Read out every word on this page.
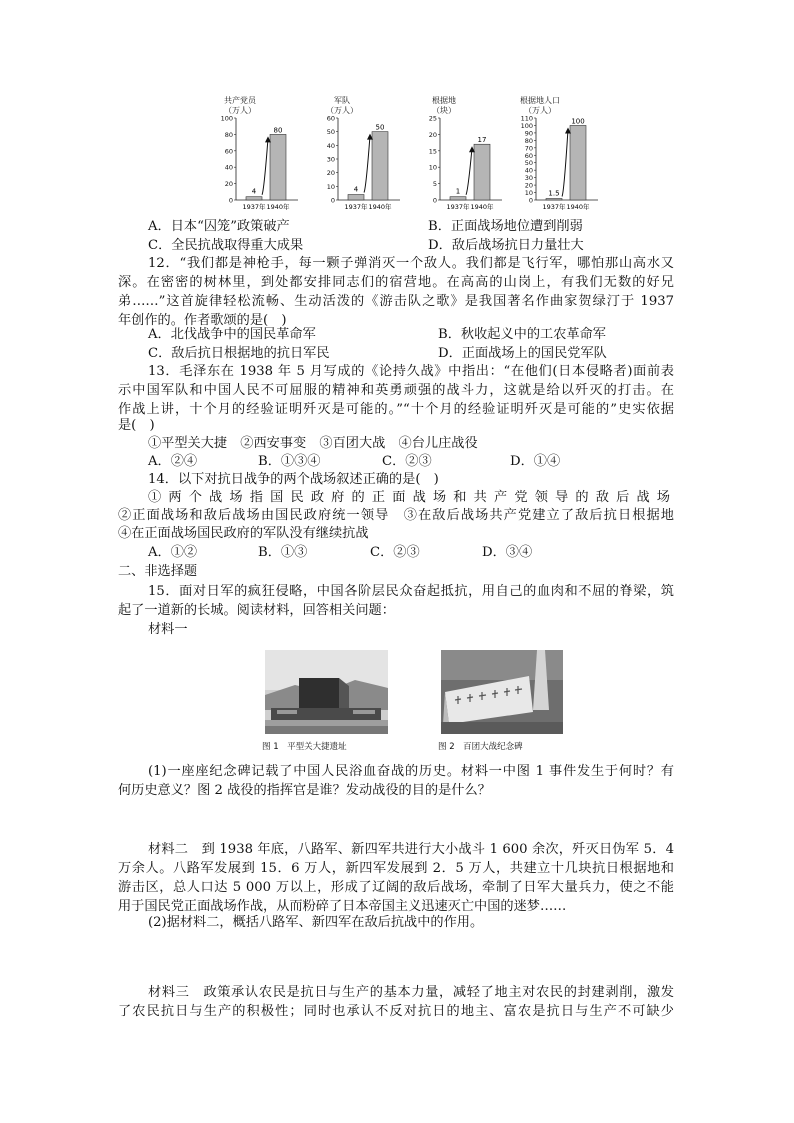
共产党员
（万人）
100
80
60
40
20
0
4
80
1937年 1940年
军队
（万人）
60
50
40
30
20
10
0
4
50
1937年 1940年
根据地
（块）
25
20
15
10
5
0
1
17
1937年 1940年
根据地人口
（万人）
110
100
90
80
70
60
50
40
30
20
10
0
1.5
100
1937年 1940年
A．日本“囚笼”政策破产	B．正面战场地位遭到削弱
C．全民抗战取得重大成果	D．敌后战场抗日力量壮大
12．“我们都是神枪手，每一颗子弹消灭一个敌人。我们都是飞行军，哪怕那山高水又
深。在密密的树林里，到处都安排同志们的宿营地。在高高的山岗上，有我们无数的好兄
弟……”这首旋律轻松流畅、生动活泼的《游击队之歌》是我国著名作曲家贺绿汀于 1937
年创作的。作者歌颂的是(　)
A．北伐战争中的国民革命军	B．秋收起义中的工农革命军
C．敌后抗日根据地的抗日军民	D．正面战场上的国民党军队
13．毛泽东在 1938 年 5 月写成的《论持久战》中指出：“在他们(日本侵略者)面前表
示中国军队和中国人民不可屈服的精神和英勇顽强的战斗力，这就是给以歼灭的打击。在
作战上讲，十个月的经验证明歼灭是可能的。”“十个月的经验证明歼灭是可能的”史实依据
是(　)
①平型关大捷　②西安事变　③百团大战　④台儿庄战役
A．②④	B．①③④	C．②③	D．①④
14．以下对抗日战争的两个战场叙述正确的是(　)
①两个战场指国民政府的正面战场和共产党领导的敌后战场
②正面战场和敌后战场由国民政府统一领导　③在敌后战场共产党建立了敌后抗日根据地
④在正面战场国民政府的军队没有继续抗战
A．①②	B．①③	C．②③	D．③④
二、非选择题
15．面对日军的疯狂侵略，中国各阶层民众奋起抵抗，用自己的血肉和不屈的脊梁，筑
起了一道新的长城。阅读材料，回答相关问题：
材料一
图 1　平型关大捷遗址	图 2　百团大战纪念碑
(1)一座座纪念碑记载了中国人民浴血奋战的历史。材料一中图 1 事件发生于何时？有
何历史意义？图 2 战役的指挥官是谁？发动战役的目的是什么？
材料二　到 1938 年底，八路军、新四军共进行大小战斗 1 600 余次，歼灭日伪军 5．4
万余人。八路军发展到 15．6 万人，新四军发展到 2．5 万人，共建立十几块抗日根据地和
游击区，总人口达 5 000 万以上，形成了辽阔的敌后战场，牵制了日军大量兵力，使之不能
用于国民党正面战场作战，从而粉碎了日本帝国主义迅速灭亡中国的迷梦……
(2)据材料二，概括八路军、新四军在敌后抗战中的作用。
材料三　政策承认农民是抗日与生产的基本力量，减轻了地主对农民的封建剥削，激发
了农民抗日与生产的积极性；同时也承认不反对抗日的地主、富农是抗日与生产不可缺少
